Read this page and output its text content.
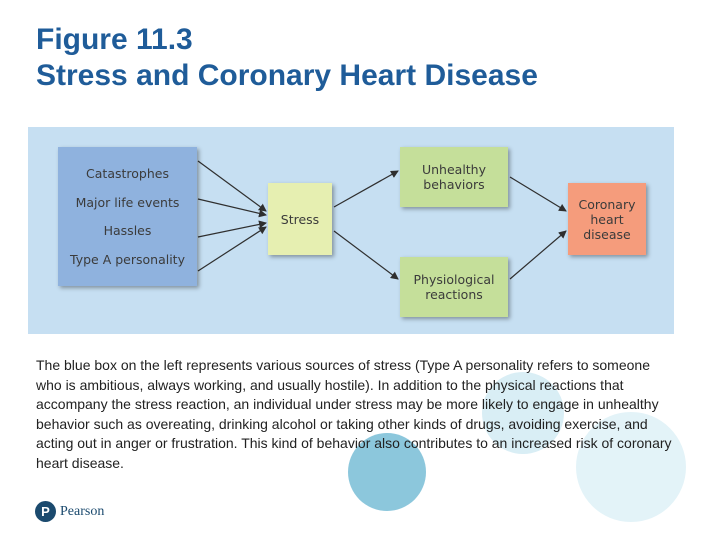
Figure 11.3
Stress and Coronary Heart Disease
Catastrophes
Major life events
Hassles
Type A personality
Stress
Unhealthy
behaviors
Physiological
reactions
Coronary
heart
disease
The blue box on the left represents various sources of stress (Type A personality refers to someone who is ambitious, always working, and usually hostile). In addition to the physical reactions that accompany the stress reaction, an individual under stress may be more likely to engage in unhealthy behavior such as overeating, drinking alcohol or taking other kinds of drugs, avoiding exercise, and acting out in anger or frustration. This kind of behavior also contributes to an increased risk of coronary heart disease.
P Pearson
